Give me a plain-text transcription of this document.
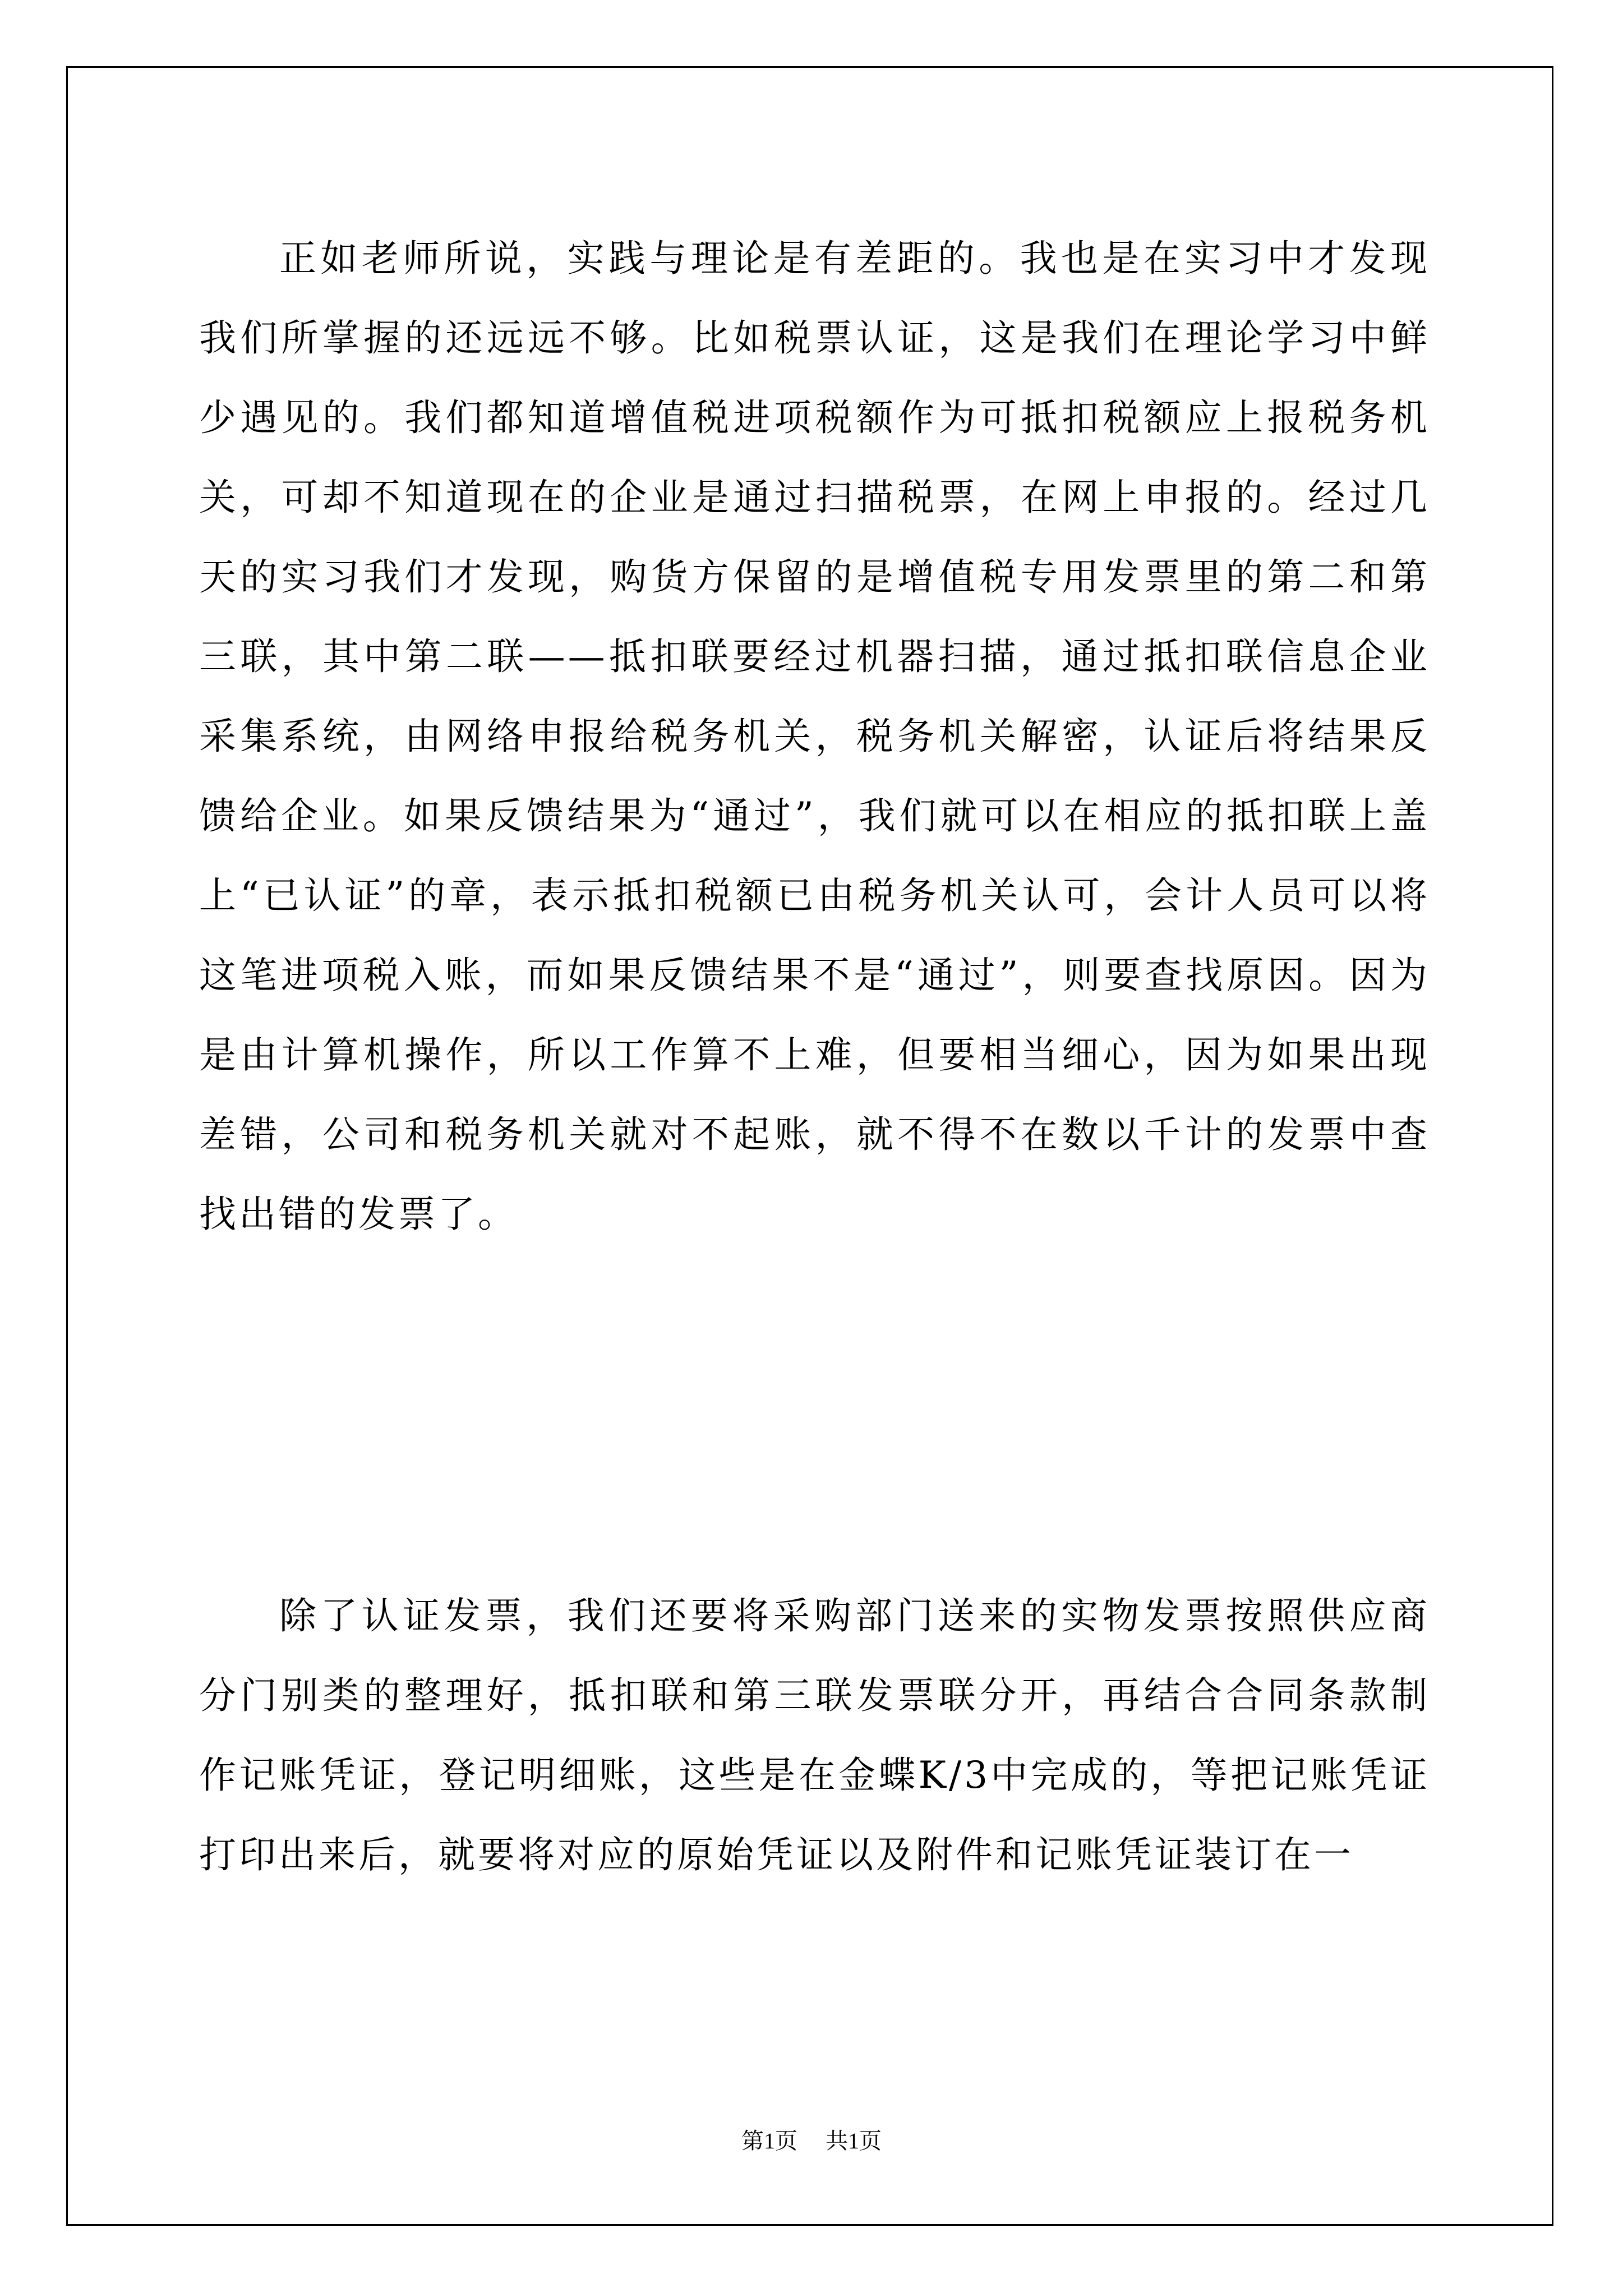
正如老师所说，实践与理论是有差距的。我也是在实习中才发现我们所掌握的还远远不够。比如税票认证，这是我们在理论学习中鲜少遇见的。我们都知道增值税进项税额作为可抵扣税额应上报税务机关，可却不知道现在的企业是通过扫描税票，在网上申报的。经过几天的实习我们才发现，购货方保留的是增值税专用发票里的第二和第三联，其中第二联——抵扣联要经过机器扫描，通过抵扣联信息企业采集系统，由网络申报给税务机关，税务机关解密，认证后将结果反馈给企业。如果反馈结果为“通过”，我们就可以在相应的抵扣联上盖上“已认证”的章，表示抵扣税额已由税务机关认可，会计人员可以将这笔进项税入账，而如果反馈结果不是“通过”，则要查找原因。因为是由计算机操作，所以工作算不上难，但要相当细心，因为如果出现差错，公司和税务机关就对不起账，就不得不在数以千计的发票中查找出错的发票了。

除了认证发票，我们还要将采购部门送来的实物发票按照供应商分门别类的整理好，抵扣联和第三联发票联分开，再结合合同条款制作记账凭证，登记明细账，这些是在金蝶K/3中完成的，等把记账凭证打印出来后，就要将对应的原始凭证以及附件和记账凭证装订在一

第1页 共1页
